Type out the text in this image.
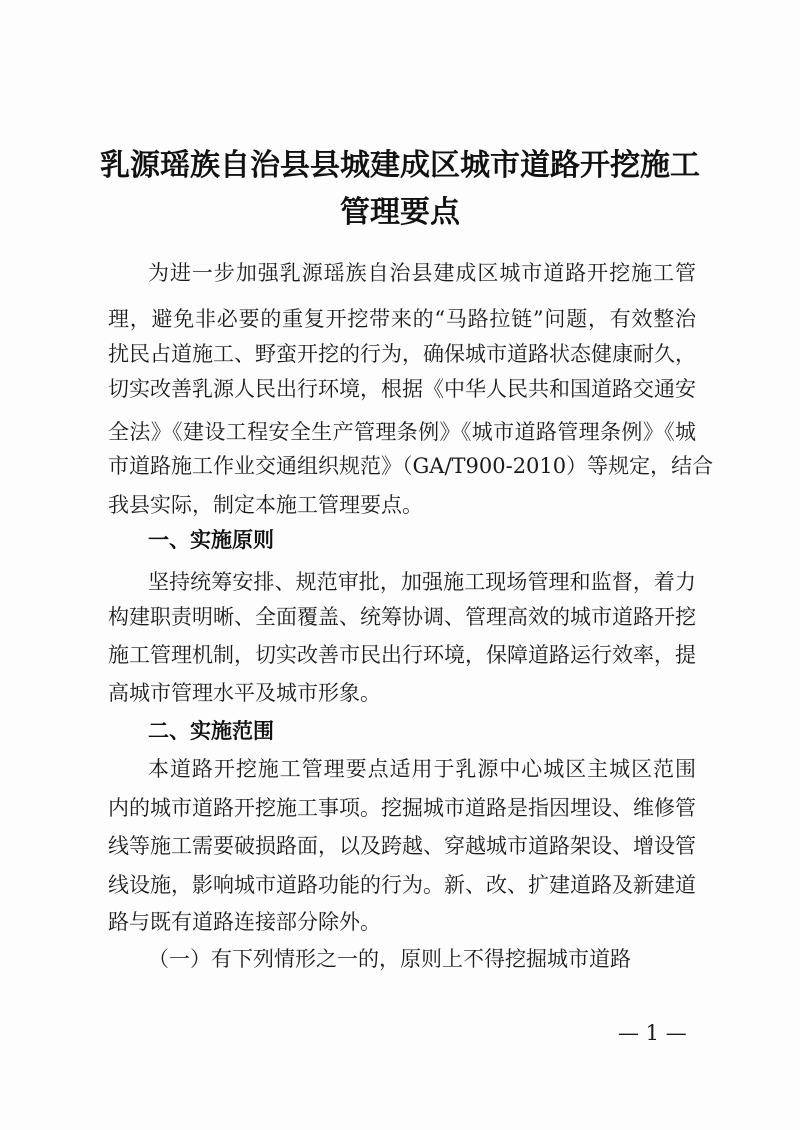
乳源瑶族自治县县城建成区城市道路开挖施工
管理要点
为进一步加强乳源瑶族自治县建成区城市道路开挖施工管
理，避免非必要的重复开挖带来的“马路拉链”问题，有效整治
扰民占道施工、野蛮开挖的行为，确保城市道路状态健康耐久，
切实改善乳源人民出行环境，根据《中华人民共和国道路交通安
全法》《建设工程安全生产管理条例》《城市道路管理条例》《城
市道路施工作业交通组织规范》（GA/T900-2010）等规定，结合
我县实际，制定本施工管理要点。
一、实施原则
坚持统筹安排、规范审批，加强施工现场管理和监督，着力
构建职责明晰、全面覆盖、统筹协调、管理高效的城市道路开挖
施工管理机制，切实改善市民出行环境，保障道路运行效率，提
高城市管理水平及城市形象。
二、实施范围
本道路开挖施工管理要点适用于乳源中心城区主城区范围
内的城市道路开挖施工事项。挖掘城市道路是指因埋设、维修管
线等施工需要破损路面，以及跨越、穿越城市道路架设、增设管
线设施，影响城市道路功能的行为。新、改、扩建道路及新建道
路与既有道路连接部分除外。
（一）有下列情形之一的，原则上不得挖掘城市道路
— 1 —
